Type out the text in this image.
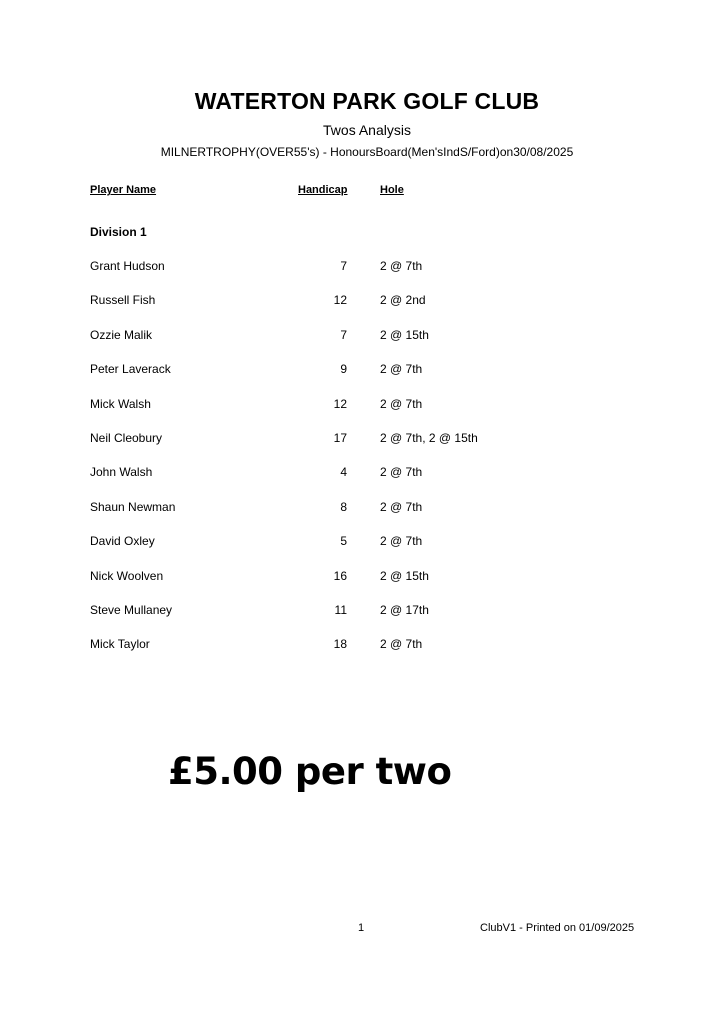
WATERTON PARK GOLF CLUB
Twos Analysis
MILNERTROPHY(OVER55's) - HonoursBoard(Men'sIndS/Ford)on30/08/2025
Player Name	Handicap	Hole
Division 1
Grant Hudson	7	2 @ 7th
Russell Fish	12	2 @ 2nd
Ozzie Malik	7	2 @ 15th
Peter Laverack	9	2 @ 7th
Mick Walsh	12	2 @ 7th
Neil Cleobury	17	2 @ 7th, 2 @ 15th
John Walsh	4	2 @ 7th
Shaun Newman	8	2 @ 7th
David Oxley	5	2 @ 7th
Nick Woolven	16	2 @ 15th
Steve Mullaney	11	2 @ 17th
Mick Taylor	18	2 @ 7th
£5.00 per two
1	ClubV1 - Printed on 01/09/2025
